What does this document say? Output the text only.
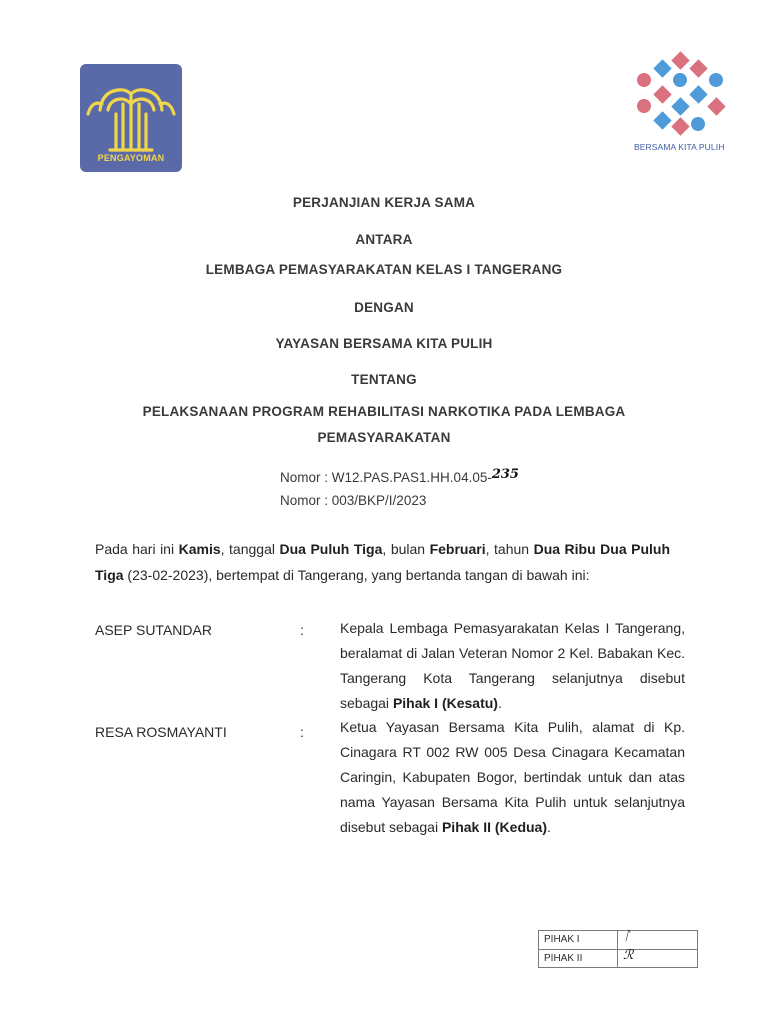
PENGAYOMAN
BERSAMA KITA PULIH
PERJANJIAN KERJA SAMA
ANTARA
LEMBAGA PEMASYARAKATAN KELAS I TANGERANG
DENGAN
YAYASAN BERSAMA KITA PULIH
TENTANG
PELAKSANAAN PROGRAM REHABILITASI NARKOTIKA PADA LEMBAGA
PEMASYARAKATAN
Nomor : W12.PAS.PAS1.HH.04.05-235
Nomor : 003/BKP/I/2023
Pada hari ini Kamis, tanggal Dua Puluh Tiga, bulan Februari, tahun Dua Ribu Dua Puluh Tiga (23-02-2023), bertempat di Tangerang, yang bertanda tangan di bawah ini:
ASEP SUTANDAR	:	Kepala Lembaga Pemasyarakatan Kelas I Tangerang, beralamat di Jalan Veteran Nomor 2 Kel. Babakan Kec. Tangerang Kota Tangerang selanjutnya disebut sebagai Pihak I (Kesatu).
RESA ROSMAYANTI	:	Ketua Yayasan Bersama Kita Pulih, alamat di Kp. Cinagara RT 002 RW 005 Desa Cinagara Kecamatan Caringin, Kabupaten Bogor, bertindak untuk dan atas nama Yayasan Bersama Kita Pulih untuk selanjutnya disebut sebagai Pihak II (Kedua).
PIHAK I	ᛚ
PIHAK II	ℛ
